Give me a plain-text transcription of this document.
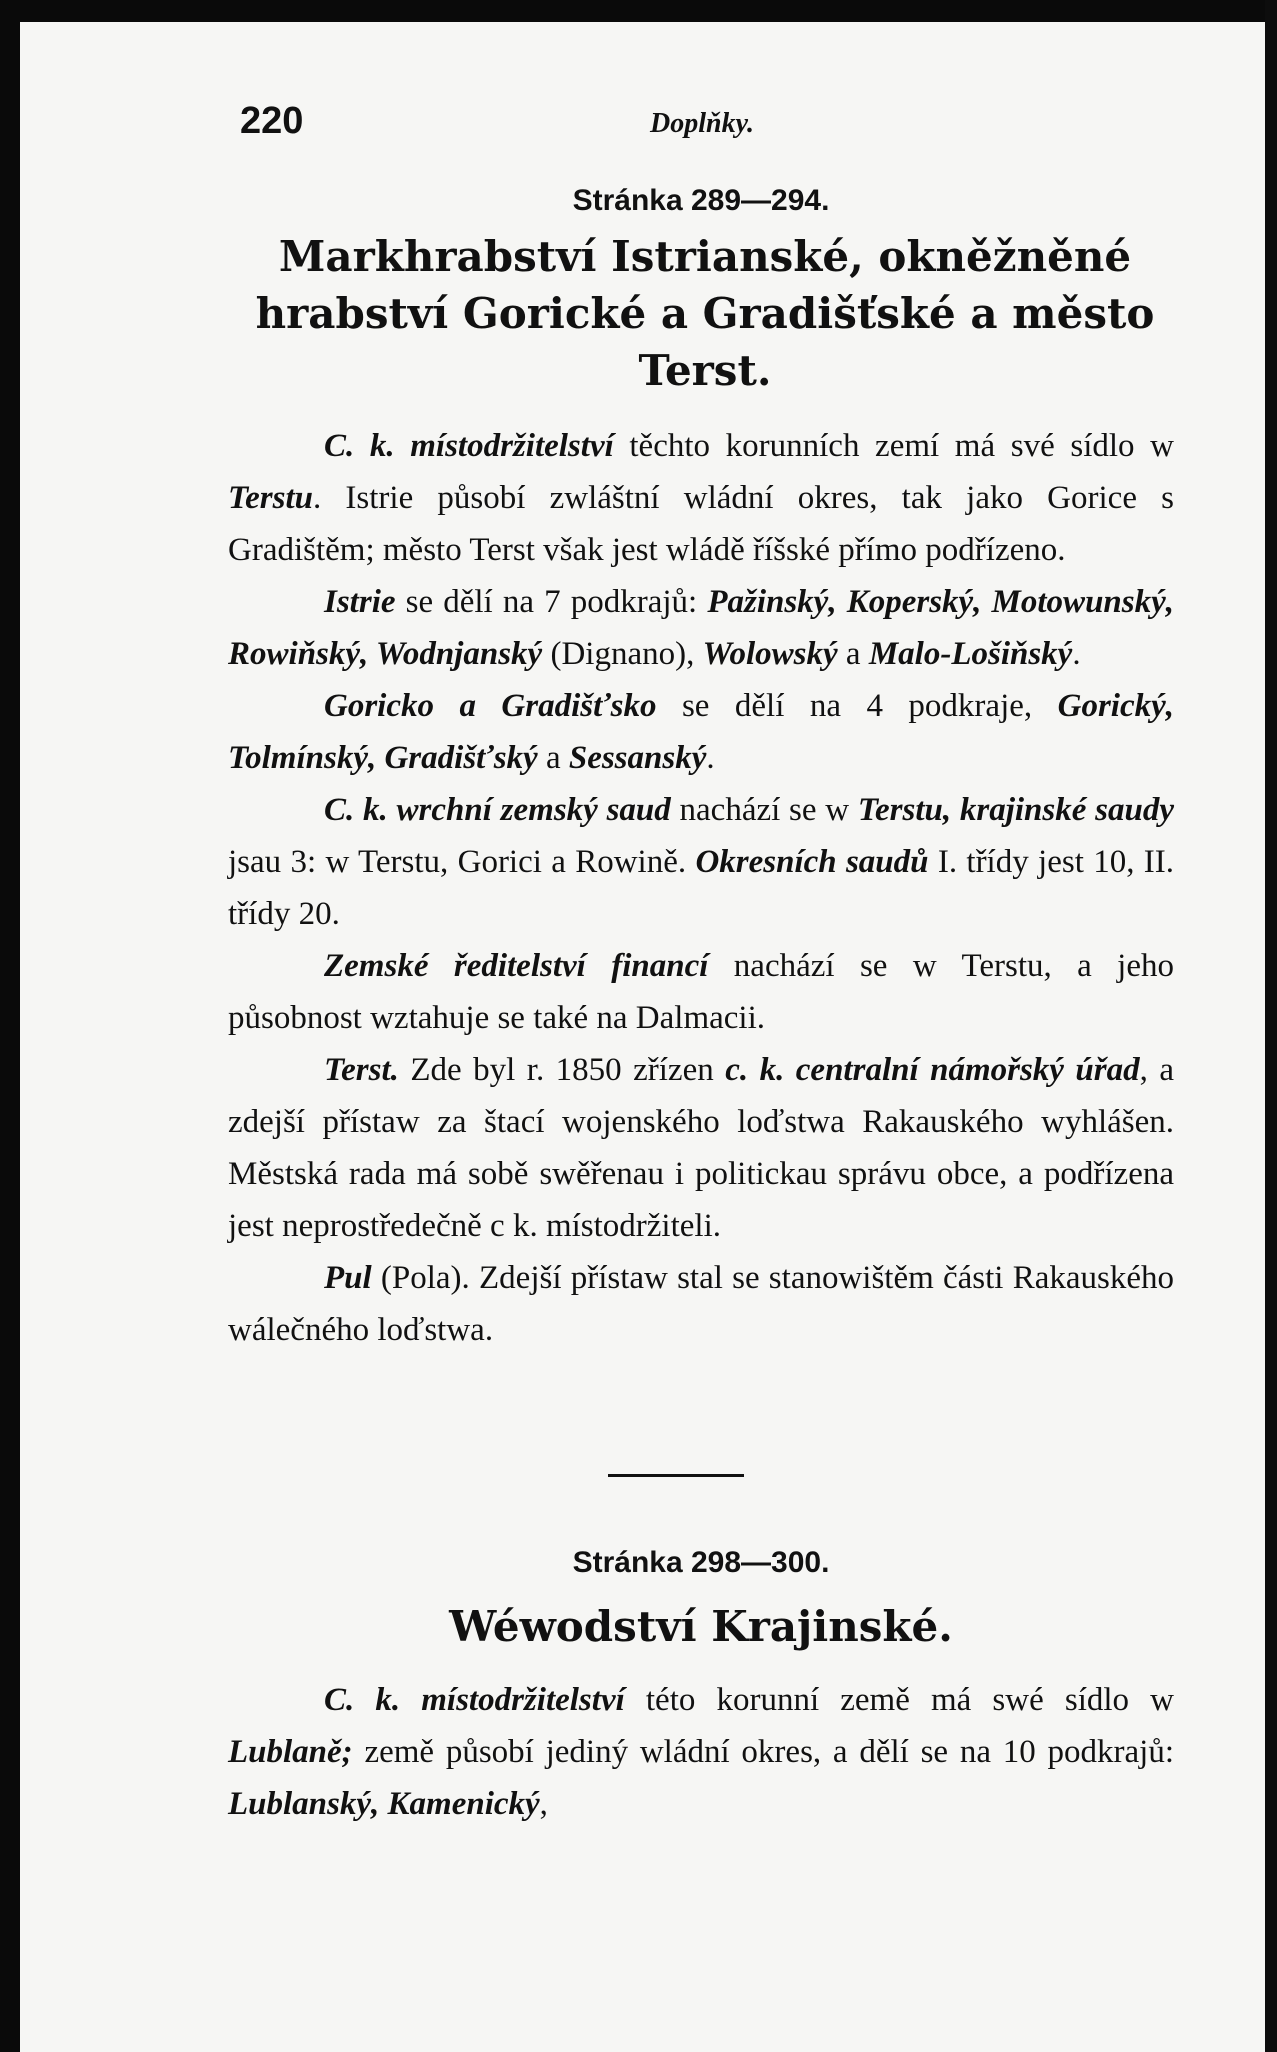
220	Doplňky.
Stránka 289—294.
Markhrabství Istrianské, okněžněné hrabství Gorické a Gradišťské a město Terst.

C. k. místodržitelství těchto korunních zemí má své sídlo w Terstu. Istrie působí zwláštní wládní okres, tak jako Gorice s Gradištěm; město Terst však jest wládě říšské přímo podřízeno.

Istrie se dělí na 7 podkrajů: Pažinský, Koperský, Motowunský, Rowiňský, Wodnjanský (Dignano), Wolowský a Malo-Lošiňský.

Goricko a Gradišťsko se dělí na 4 podkraje, Gorický, Tolmínský, Gradišťský a Sessanský.

C. k. wrchní zemský saud nachází se w Terstu, krajinské saudy jsau 3: w Terstu, Gorici a Rowině. Okresních saudů I. třídy jest 10, II. třídy 20.

Zemské ředitelství financí nachází se w Terstu, a jeho působnost wztahuje se také na Dalmacii.

Terst. Zde byl r. 1850 zřízen c. k. centralní námořský úřad, a zdejší přístaw za štací wojenského loďstwa Rakauského wyhlášen. Městská rada má sobě swěřenau i politickau správu obce, a podřízena jest neprostředečně c k. místodržiteli.

Pul (Pola). Zdejší přístaw stal se stanowištěm části Rakauského wálečného loďstwa.

Stránka 298—300.
Wéwodství Krajinské.

C. k. místodržitelství této korunní země má swé sídlo w Lublaně; země působí jediný wládní okres, a dělí se na 10 podkrajů: Lublanský, Kamenický,
